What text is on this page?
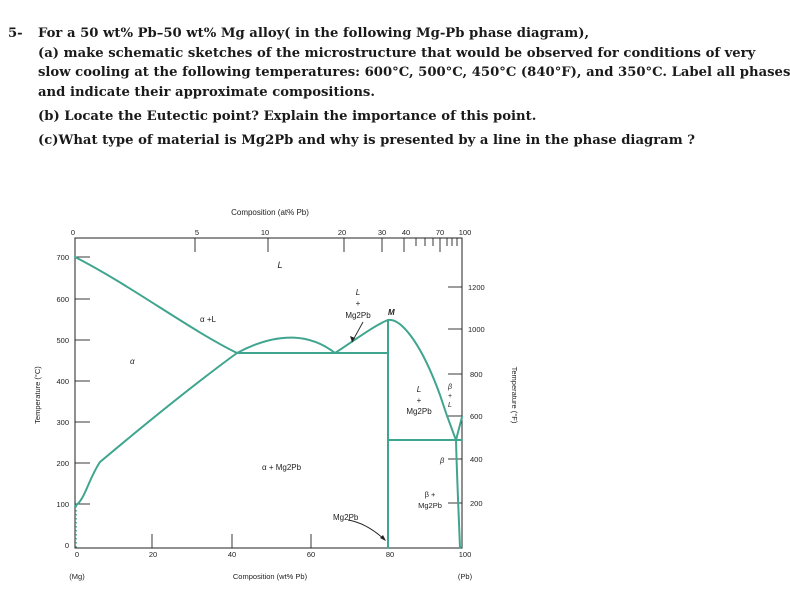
5- For a 50 wt% Pb–50 wt% Mg alloy( in the following Mg-Pb phase diagram),
(a) make schematic sketches of the microstructure that would be observed for conditions of very
slow cooling at the following temperatures: 600°C, 500°C, 450°C (840°F), and 350°C. Label all phases
and indicate their approximate compositions.
(b) Locate the Eutectic point? Explain the importance of this point.
(c)What type of material is Mg2Pb and why is presented by a line in the phase diagram ?
Composition (at% Pb)
0	5	10	20	30 40	70 100
700
600
500
400
300
200
100
0
Temperature (°C)
1200
1000
800
600
400
200
Temperature (°F)
0	20	40	60	80	100
(Mg)	Composition (wt% Pb)	(Pb)
L
α +L
α
α + Mg2Pb
L
+
Mg2Pb M
L
+
Mg2Pb
β
+
L
β
β +
Mg2Pb
Mg2Pb
